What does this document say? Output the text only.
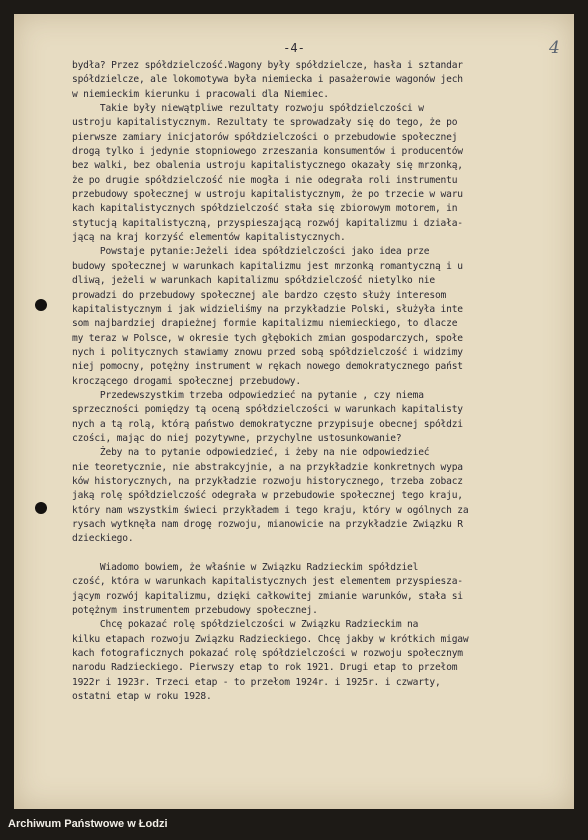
-4-	4
bydła? Przez spółdzielczość.Wagony były spółdzielcze, hasła i sztandar
spółdzielcze, ale lokomotywa była niemiecka i pasażerowie wagonów jech
w niemieckim kierunku i pracowali dla Niemiec.
Takie były niewątpliwe rezultaty rozwoju spółdzielczości w
ustroju kapitalistycznym. Rezultaty te sprowadzały się do tego, że po
pierwsze zamiary inicjatorów spółdzielczości o przebudowie społecznej
drogą tylko i jedynie stopniowego zrzeszania konsumentów i producentów
bez walki, bez obalenia ustroju kapitalistycznego okazały się mrzonką,
że po drugie spółdzielczość nie mogła i nie odegrała roli instrumentu
przebudowy społecznej w ustroju kapitalistycznym, że po trzecie w waru
kach kapitalistycznych spółdzielczość stała się zbiorowym motorem, in
stytucją kapitalistyczną, przyspieszającą rozwój kapitalizmu i działa-
jącą na kraj korzyść elementów kapitalistycznych.
Powstaje pytanie:Jeżeli idea spółdzielczości jako idea prze
budowy społecznej w warunkach kapitalizmu jest mrzonką romantyczną i u
dliwą, jeżeli w warunkach kapitalizmu spółdzielczość nietylko nie
prowadzi do przebudowy społecznej ale bardzo często służy interesom
kapitalistycznym i jak widzieliśmy na przykładzie Polski, służyła inte
som najbardziej drapieżnej formie kapitalizmu niemieckiego, to dlacze
my teraz w Polsce, w okresie tych głębokich zmian gospodarczych, społe
nych i politycznych stawiamy znowu przed sobą spółdzielczość i widzimy
niej pomocny, potężny instrument w rękach nowego demokratycznego państ
kroczącego drogami społecznej przebudowy.
Przedewszystkim trzeba odpowiedzieć na pytanie , czy niema
sprzeczności pomiędzy tą oceną spółdzielczości w warunkach kapitalisty
nych a tą rolą, którą państwo demokratyczne przypisuje obecnej spółdzi
czości, mając do niej pozytywne, przychylne ustosunkowanie?
Żeby na to pytanie odpowiedzieć, i żeby na nie odpowiedzieć
nie teoretycznie, nie abstrakcyjnie, a na przykładzie konkretnych wypa
ków historycznych, na przykładzie rozwoju historycznego, trzeba zobacz
jaką rolę spółdzielczość odegrała w przebudowie społecznej tego kraju,
który nam wszystkim świeci przykładem i tego kraju, który w ogólnych za
rysach wytknęła nam drogę rozwoju, mianowicie na przykładzie Związku R
dzieckiego.
Wiadomo bowiem, że właśnie w Związku Radzieckim spółdziel
czość, która w warunkach kapitalistycznych jest elementem przyspiesza-
jącym rozwój kapitalizmu, dzięki całkowitej zmianie warunków, stała si
potężnym instrumentem przebudowy społecznej.
Chcę pokazać rolę spółdzielczości w Związku Radzieckim na
kilku etapach rozwoju Związku Radzieckiego. Chcę jakby w krótkich migaw
kach fotograficznych pokazać rolę spółdzielczości w rozwoju społecznym
narodu Radzieckiego. Pierwszy etap to rok 1921. Drugi etap to przełom
1922r i 1923r. Trzeci etap - to przełom 1924r. i 1925r. i czwarty,
ostatni etap w roku 1928.
Archiwum Państwowe w Łodzi
